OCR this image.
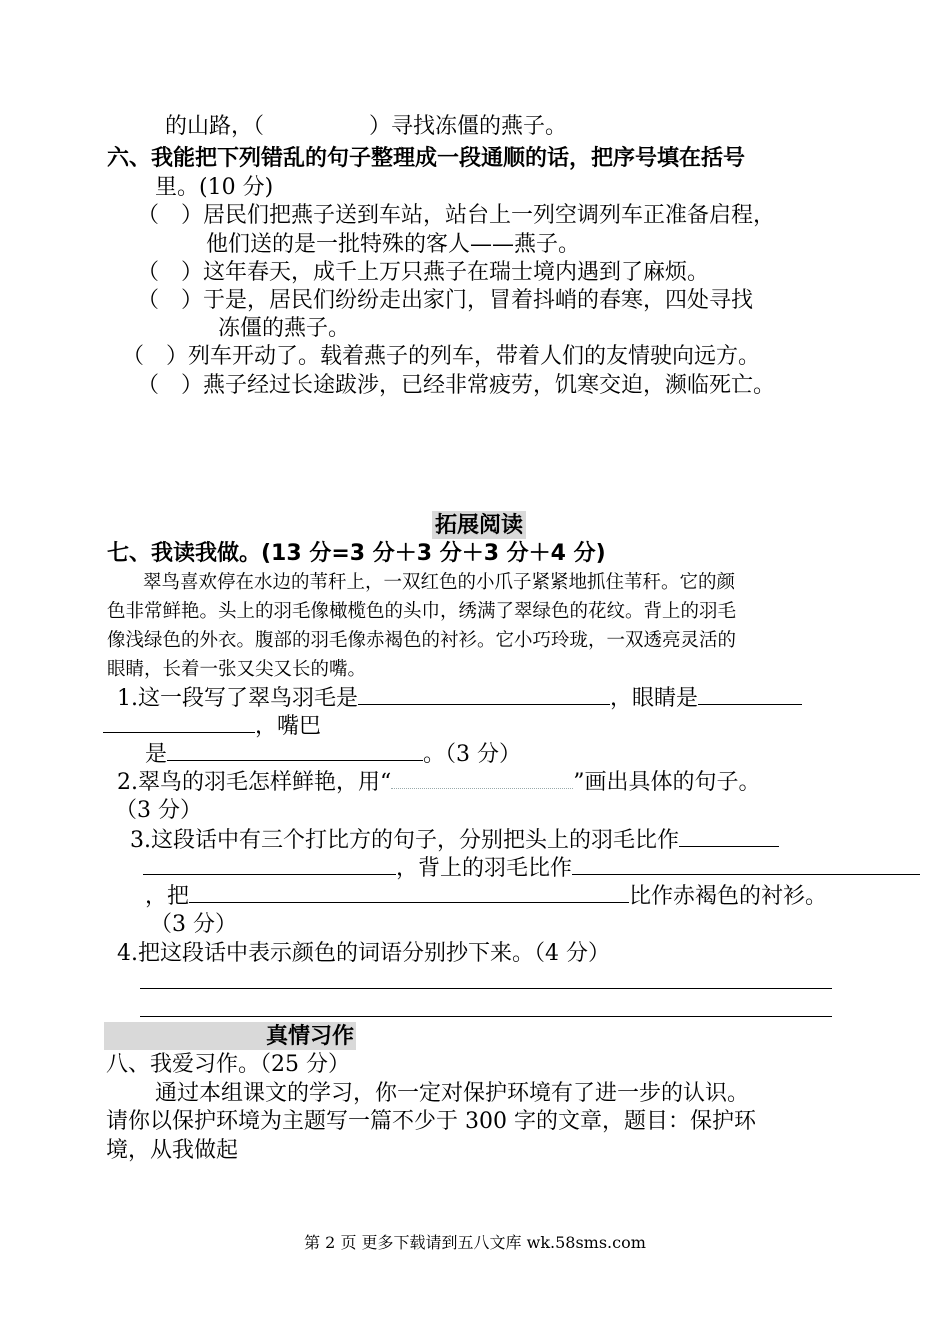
的山路，（	）寻找冻僵的燕子。
六、我能把下列错乱的句子整理成一段通顺的话，把序号填在括号
里。(10 分)
（　）居民们把燕子送到车站，站台上一列空调列车正准备启程，
他们送的是一批特殊的客人——燕子。
（　）这年春天，成千上万只燕子在瑞士境内遇到了麻烦。
（　）于是，居民们纷纷走出家门，冒着抖峭的春寒，四处寻找
冻僵的燕子。
（　）列车开动了。载着燕子的列车，带着人们的友情驶向远方。
（　）燕子经过长途跋涉，已经非常疲劳，饥寒交迫，濒临死亡。
拓展阅读
七、我读我做。(13 分=3 分＋3 分＋3 分＋4 分)
翠鸟喜欢停在水边的苇秆上，一双红色的小爪子紧紧地抓住苇秆。它的颜
色非常鲜艳。头上的羽毛像橄榄色的头巾，绣满了翠绿色的花纹。背上的羽毛
像浅绿色的外衣。腹部的羽毛像赤褐色的衬衫。它小巧玲珑，一双透亮灵活的
眼睛，长着一张又尖又长的嘴。
1.这一段写了翠鸟羽毛是	，眼睛是
，嘴巴
是	。（3 分）
2.翠鸟的羽毛怎样鲜艳，用“	”画出具体的句子。
（3 分）
3.这段话中有三个打比方的句子，分别把头上的羽毛比作
，背上的羽毛比作
，把	比作赤褐色的衬衫。
（3 分）
4.把这段话中表示颜色的词语分别抄下来。（4 分）
真情习作
八、我爱习作。（25 分）
通过本组课文的学习，你一定对保护环境有了进一步的认识。
请你以保护环境为主题写一篇不少于 300 字的文章，题目：保护环
境，从我做起
第 2 页 更多下载请到五八文库 wk.58sms.com
